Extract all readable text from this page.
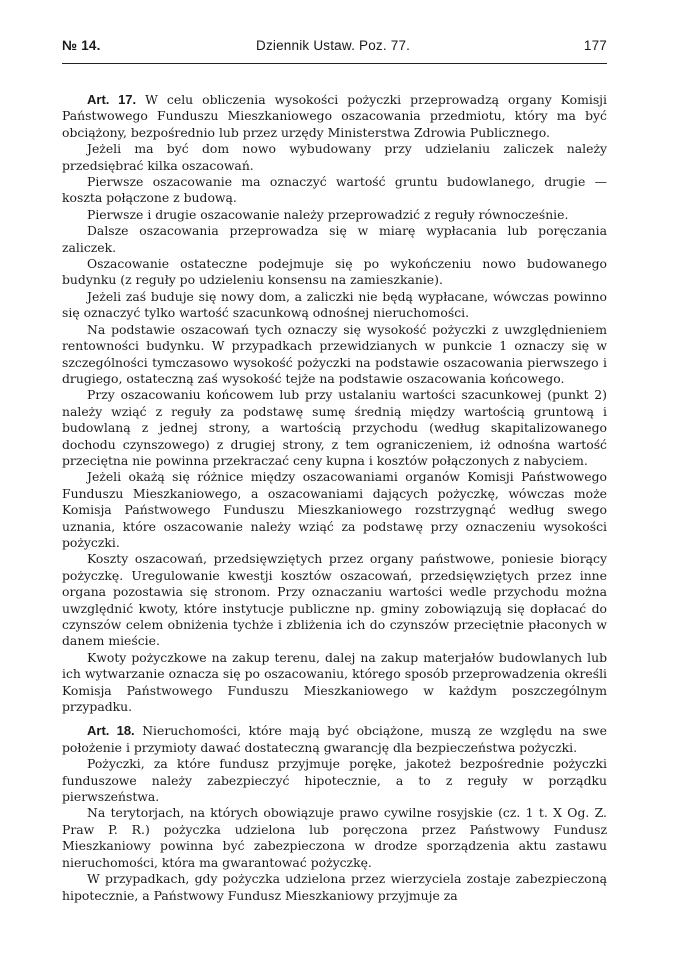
№ 14.	Dziennik Ustaw. Poz. 77.	177

Art. 17. W celu obliczenia wysokości pożyczki przeprowadzą organy Komisji Państwowego Funduszu Mieszkaniowego oszacowania przedmiotu, który ma być obciążony, bezpośrednio lub przez urzędy Ministerstwa Zdrowia Publicznego.

Jeżeli ma być dom nowo wybudowany przy udzielaniu zaliczek należy przedsiębrać kilka oszacowań.

Pierwsze oszacowanie ma oznaczyć wartość gruntu budowlanego, drugie — koszta połączone z budową.

Pierwsze i drugie oszacowanie należy przeprowadzić z reguły równocześnie.

Dalsze oszacowania przeprowadza się w miarę wypłacania lub poręczania zaliczek.

Oszacowanie ostateczne podejmuje się po wykończeniu nowo budowanego budynku (z reguły po udzieleniu konsensu na zamieszkanie).

Jeżeli zaś buduje się nowy dom, a zaliczki nie będą wypłacane, wówczas powinno się oznaczyć tylko wartość szacunkową odnośnej nieruchomości.

Na podstawie oszacowań tych oznaczy się wysokość pożyczki z uwzględnieniem rentowności budynku. W przypadkach przewidzianych w punkcie 1 oznaczy się w szczególności tymczasowo wysokość pożyczki na podstawie oszacowania pierwszego i drugiego, ostateczną zaś wysokość tejże na podstawie oszacowania końcowego.

Przy oszacowaniu końcowem lub przy ustalaniu wartości szacunkowej (punkt 2) należy wziąć z reguły za podstawę sumę średnią między wartością gruntową i budowlaną z jednej strony, a wartością przychodu (według skapitalizowanego dochodu czynszowego) z drugiej strony, z tem ograniczeniem, iż odnośna wartość przeciętna nie powinna przekraczać ceny kupna i kosztów połączonych z nabyciem.

Jeżeli okażą się różnice między oszacowaniami organów Komisji Państwowego Funduszu Mieszkaniowego, a oszacowaniami dających pożyczkę, wówczas może Komisja Państwowego Funduszu Mieszkaniowego rozstrzygnąć według swego uznania, które oszacowanie należy wziąć za podstawę przy oznaczeniu wysokości pożyczki.

Koszty oszacowań, przedsięwziętych przez organy państwowe, poniesie biorący pożyczkę. Uregulowanie kwestji kosztów oszacowań, przedsięwziętych przez inne organa pozostawia się stronom. Przy oznaczaniu wartości wedle przychodu można uwzględnić kwoty, które instytucje publiczne np. gminy zobowiązują się dopłacać do czynszów celem obniżenia tychże i zbliżenia ich do czynszów przeciętnie płaconych w danem mieście.

Kwoty pożyczkowe na zakup terenu, dalej na zakup materjałów budowlanych lub ich wytwarzanie oznacza się po oszacowaniu, którego sposób przeprowadzenia określi Komisja Państwowego Funduszu Mieszkaniowego w każdym poszczególnym przypadku.

Art. 18. Nieruchomości, które mają być obciążone, muszą ze względu na swe położenie i przymioty dawać dostateczną gwarancję dla bezpieczeństwa pożyczki.

Pożyczki, za które fundusz przyjmuje poręke, jakoteż bezpośrednie pożyczki funduszowe należy zabezpieczyć hipotecznie, a to z reguły w porządku pierwszeństwa.

Na terytorjach, na których obowiązuje prawo cywilne rosyjskie (cz. 1 t. X Og. Z. Praw P. R.) pożyczka udzielona lub poręczona przez Państwowy Fundusz Mieszkaniowy powinna być zabezpieczona w drodze sporządzenia aktu zastawu nieruchomości, która ma gwarantować pożyczkę.

W przypadkach, gdy pożyczka udzielona przez wierzyciela zostaje zabezpieczoną hipotecznie, a Państwowy Fundusz Mieszkaniowy przyjmuje za
